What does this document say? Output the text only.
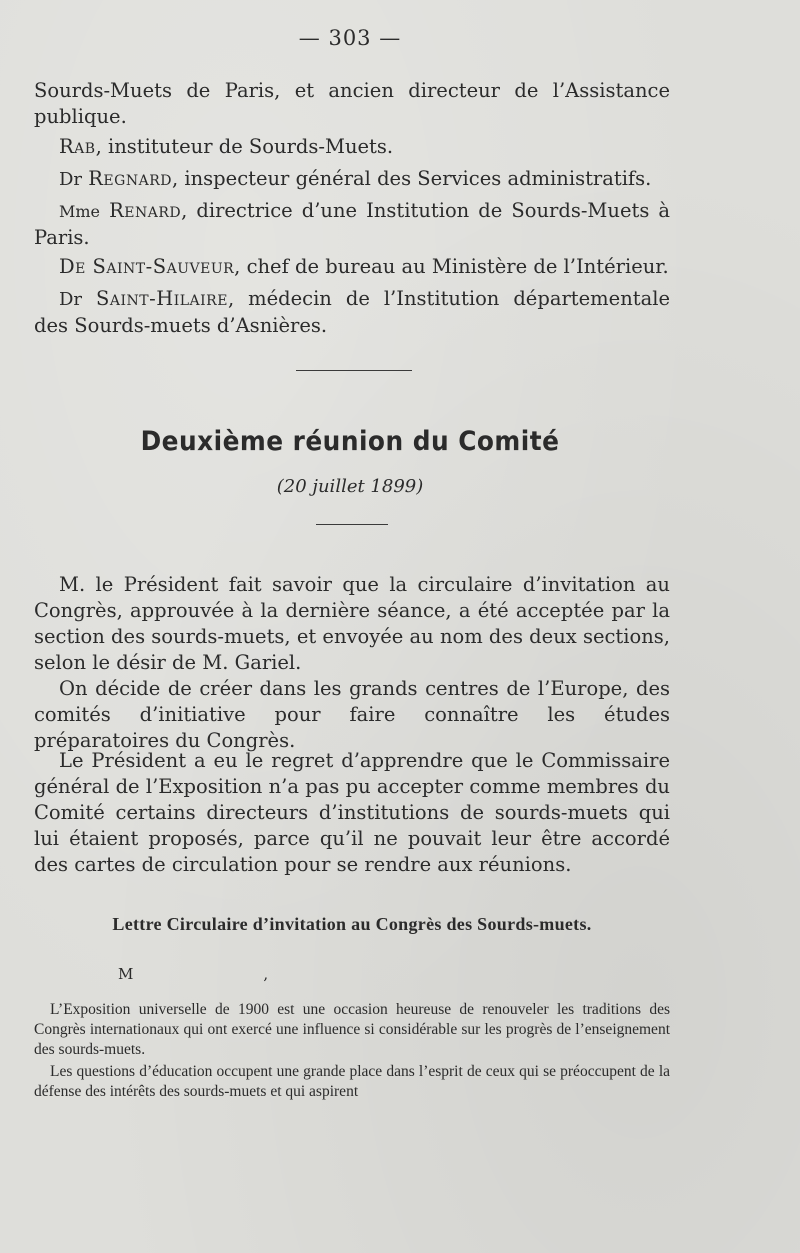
— 303 —
Sourds-Muets de Paris, et ancien directeur de l’Assistance publique.
Rab, instituteur de Sourds-Muets.
Dr Regnard, inspecteur général des Services administratifs.
Mme Renard, directrice d’une Institution de Sourds-Muets à Paris.
De Saint-Sauveur, chef de bureau au Ministère de l’Intérieur.
Dr Saint-Hilaire, médecin de l’Institution départementale des Sourds-muets d’Asnières.
Deuxième réunion du Comité
(20 juillet 1899)
M. le Président fait savoir que la circulaire d’invitation au Congrès, approuvée à la dernière séance, a été acceptée par la section des sourds-muets, et envoyée au nom des deux sections, selon le désir de M. Gariel.
On décide de créer dans les grands centres de l’Europe, des comités d’initiative pour faire connaître les études préparatoires du Congrès.
Le Président a eu le regret d’apprendre que le Commissaire général de l’Exposition n’a pas pu accepter comme membres du Comité certains directeurs d’institutions de sourds-muets qui lui étaient proposés, parce qu’il ne pouvait leur être accordé des cartes de circulation pour se rendre aux réunions.
Lettre Circulaire d’invitation au Congrès des Sourds-muets.
M	,
L’Exposition universelle de 1900 est une occasion heureuse de renouveler les traditions des Congrès internationaux qui ont exercé une influence si considérable sur les progrès de l’enseignement des sourds-muets.
Les questions d’éducation occupent une grande place dans l’esprit de ceux qui se préoccupent de la défense des intérêts des sourds-muets et qui aspirent
